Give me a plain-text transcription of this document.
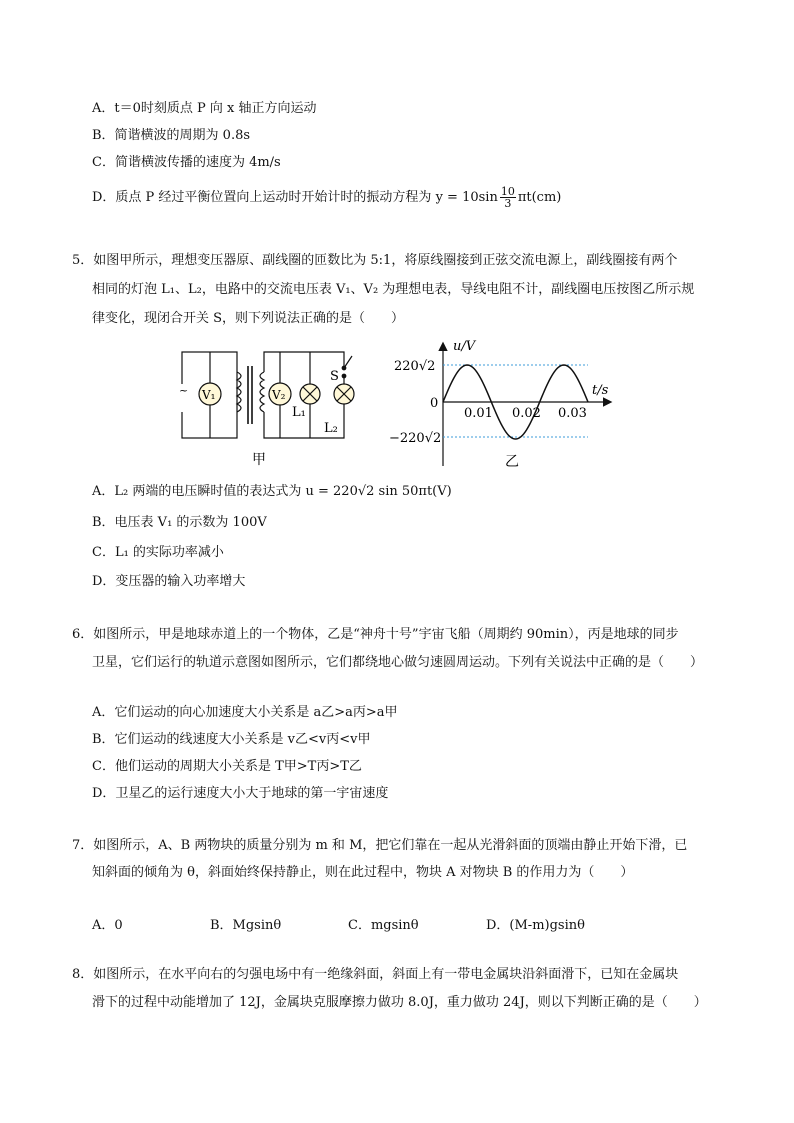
A．t＝0时刻质点 P 向 x 轴正方向运动
B．简谐横波的周期为 0.8s
C．简谐横波传播的速度为 4m/s
D．质点 P 经过平衡位置向上运动时开始计时的振动方程为 $y = 10\sin \frac{10}{3} \pi t(cm)$
5．如图甲所示，理想变压器原、副线圈的匝数比为 5:1，将原线圈接到正弦交流电源上，副线圈接有两个
相同的灯泡 L₁、L₂，电路中的交流电压表 V₁、V₂ 为理想电表，导线电阻不计，副线圈电压按图乙所示规
律变化，现闭合开关 S，则下列说法正确的是（　　）
~ V₁	V₂
L₁
S
L₂
甲
u/V
t/s
220√2
−220√2
0
0.01 0.02 0.03
乙
A．L₂ 两端的电压瞬时值的表达式为 u = 220√2 sin 50πt(V)
B．电压表 V₁ 的示数为 100V
C．L₁ 的实际功率减小
D．变压器的输入功率增大
6．如图所示，甲是地球赤道上的一个物体，乙是“神舟十号”宇宙飞船（周期约 90min），丙是地球的同步
卫星，它们运行的轨道示意图如图所示，它们都绕地心做匀速圆周运动。下列有关说法中正确的是（　　）
A．它们运动的向心加速度大小关系是 a乙>a丙>a甲
B．它们运动的线速度大小关系是 v乙<v丙<v甲
C．他们运动的周期大小关系是 T甲>T丙>T乙
D．卫星乙的运行速度大小大于地球的第一宇宙速度
7．如图所示，A、B 两物块的质量分别为 m 和 M，把它们靠在一起从光滑斜面的顶端由静止开始下滑，已
知斜面的倾角为 θ，斜面始终保持静止，则在此过程中，物块 A 对物块 B 的作用力为（　　）
A．0	B．Mgsinθ	C．mgsinθ	D．(M-m)gsinθ
8．如图所示，在水平向右的匀强电场中有一绝缘斜面，斜面上有一带电金属块沿斜面滑下，已知在金属块
滑下的过程中动能增加了 12J，金属块克服摩擦力做功 8.0J，重力做功 24J，则以下判断正确的是（　　）
